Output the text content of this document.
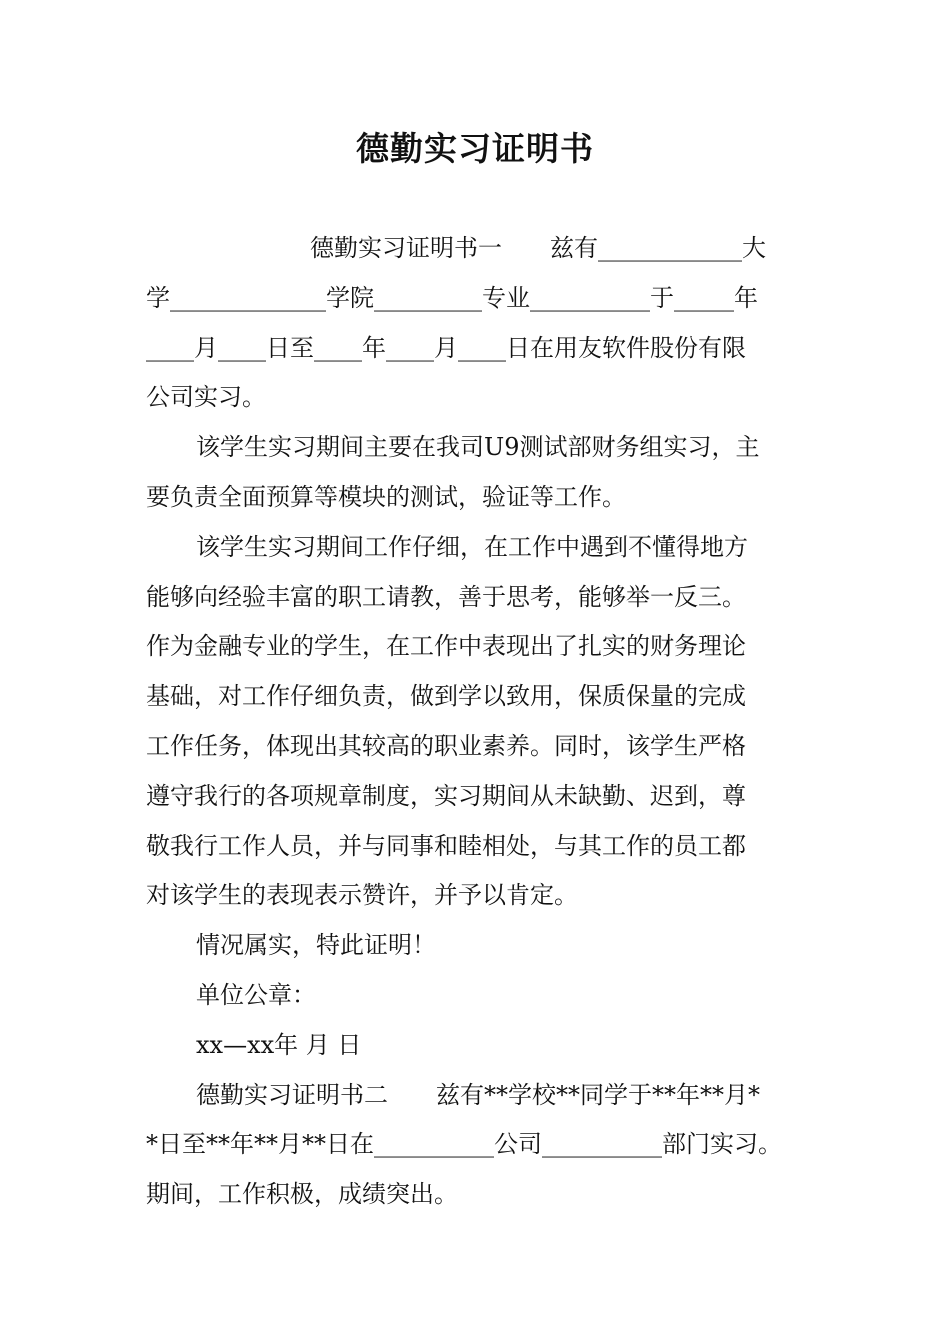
德勤实习证明书
德勤实习证明书一　　兹有____________大
学_____________学院_________专业__________于_____年
____月____日至____年____月____日在用友软件股份有限
公司实习。
该学生实习期间主要在我司U9测试部财务组实习，主
要负责全面预算等模块的测试，验证等工作。
该学生实习期间工作仔细，在工作中遇到不懂得地方
能够向经验丰富的职工请教，善于思考，能够举一反三。
作为金融专业的学生，在工作中表现出了扎实的财务理论
基础，对工作仔细负责，做到学以致用，保质保量的完成
工作任务，体现出其较高的职业素养。同时，该学生严格
遵守我行的各项规章制度，实习期间从未缺勤、迟到，尊
敬我行工作人员，并与同事和睦相处，与其工作的员工都
对该学生的表现表示赞许，并予以肯定。
情况属实，特此证明！
单位公章：
xx—xx年 月 日
德勤实习证明书二　　兹有**学校**同学于**年**月*
*日至**年**月**日在__________公司__________部门实习。
期间，工作积极，成绩突出。
